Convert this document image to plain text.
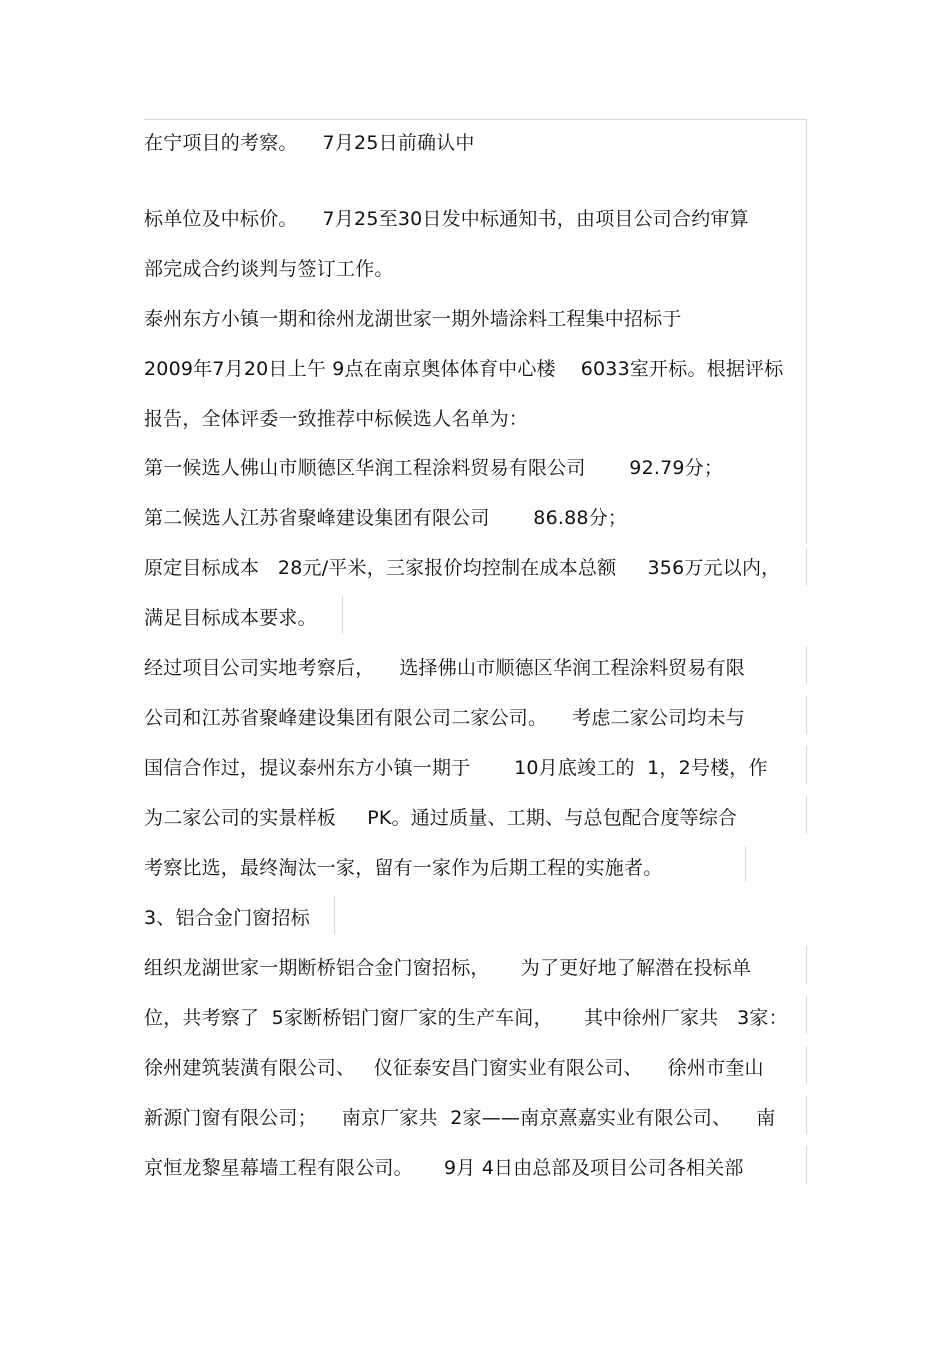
在宁项目的考察。    7月25日前确认中
标单位及中标价。    7月25至30日发中标通知书，由项目公司合约审算
部完成合约谈判与签订工作。
泰州东方小镇一期和徐州龙湖世家一期外墙涂料工程集中招标于
2009年7月20日上午 9点在南京奥体体育中心楼    6033室开标。根据评标
报告，全体评委一致推荐中标候选人名单为：
第一候选人佛山市顺德区华润工程涂料贸易有限公司       92.79分；
第二候选人江苏省聚峰建设集团有限公司       86.88分；
原定目标成本   28元/平米，三家报价均控制在成本总额     356万元以内，
满足目标成本要求。
经过项目公司实地考察后，    选择佛山市顺德区华润工程涂料贸易有限
公司和江苏省聚峰建设集团有限公司二家公司。    考虑二家公司均未与
国信合作过，提议泰州东方小镇一期于       10月底竣工的  1，2号楼，作
为二家公司的实景样板     PK。通过质量、工期、与总包配合度等综合
考察比选，最终淘汰一家，留有一家作为后期工程的实施者。
3、铝合金门窗招标
组织龙湖世家一期断桥铝合金门窗招标，     为了更好地了解潜在投标单
位，共考察了  5家断桥铝门窗厂家的生产车间，     其中徐州厂家共   3家：
徐州建筑装潢有限公司、   仪征泰安昌门窗实业有限公司、    徐州市奎山
新源门窗有限公司；    南京厂家共  2家——南京熹嘉实业有限公司、    南
京恒龙黎星幕墙工程有限公司。     9月 4日由总部及项目公司各相关部
